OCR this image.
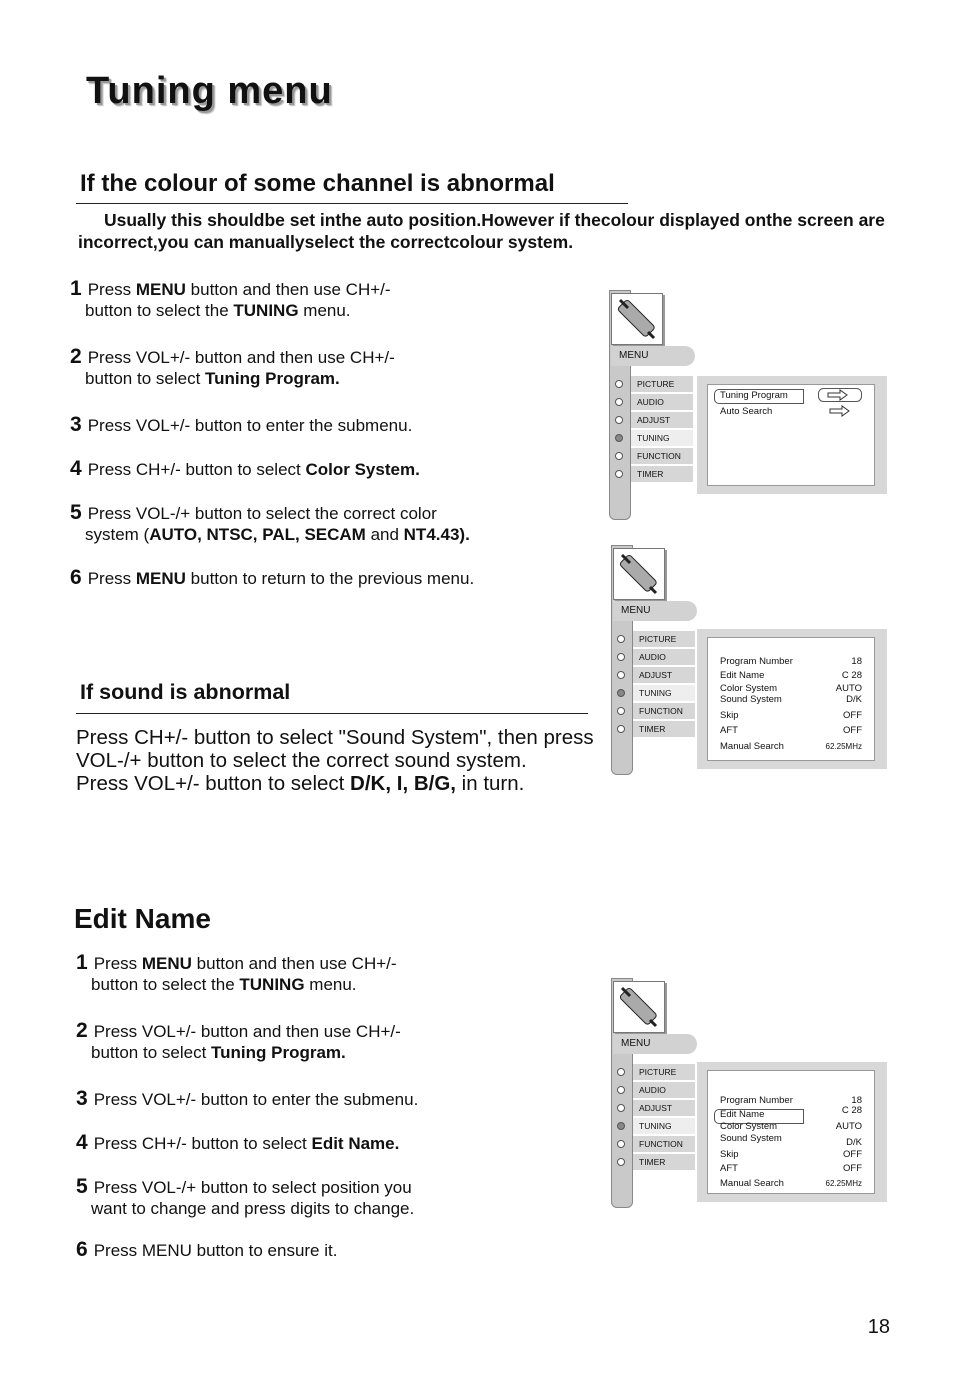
Tuning menu
If the colour of some channel is abnormal
Usually this shouldbe set inthe auto position.However if thecolour displayed onthe screen are incorrect,you can manuallyselect the correctcolour system.
1 Press MENU button and then use CH+/-
button to select the TUNING menu.
2 Press VOL+/- button and then use CH+/-
button to select Tuning Program.
3 Press VOL+/- button to enter the submenu.
4 Press CH+/- button to select Color System.
5 Press VOL-/+ button to select the correct color
system (AUTO, NTSC, PAL, SECAM and NT4.43).
6 Press MENU button to return to the previous menu.
If sound is abnormal
Press CH+/- button to select "Sound System", then press VOL-/+ button to select the correct sound system.
Press VOL+/- button to select D/K, I, B/G, in turn.
Edit Name
1 Press MENU button and then use CH+/-
button to select the TUNING menu.
2 Press VOL+/- button and then use CH+/-
button to select Tuning Program.
3 Press VOL+/- button to enter the submenu.
4 Press CH+/- button to select Edit Name.
5 Press VOL-/+ button to select position you
want to change and press digits to change.
6 Press MENU button to ensure it.
MENU
PICTURE
AUDIO
ADJUST
TUNING
FUNCTION
TIMER
Tuning Program
Auto Search
MENU
PICTURE
AUDIO
ADJUST
TUNING
FUNCTION
TIMER
Program Number	18
Edit Name	C 28
Color System	AUTO
Sound System	D/K
Skip	OFF
AFT	OFF
Manual Search	62.25MHz
MENU
PICTURE
AUDIO
ADJUST
TUNING
FUNCTION
TIMER
Program Number	18
Edit Name	C 28
Color System	AUTO
Sound System	D/K
Skip	OFF
AFT	OFF
Manual Search	62.25MHz
18
